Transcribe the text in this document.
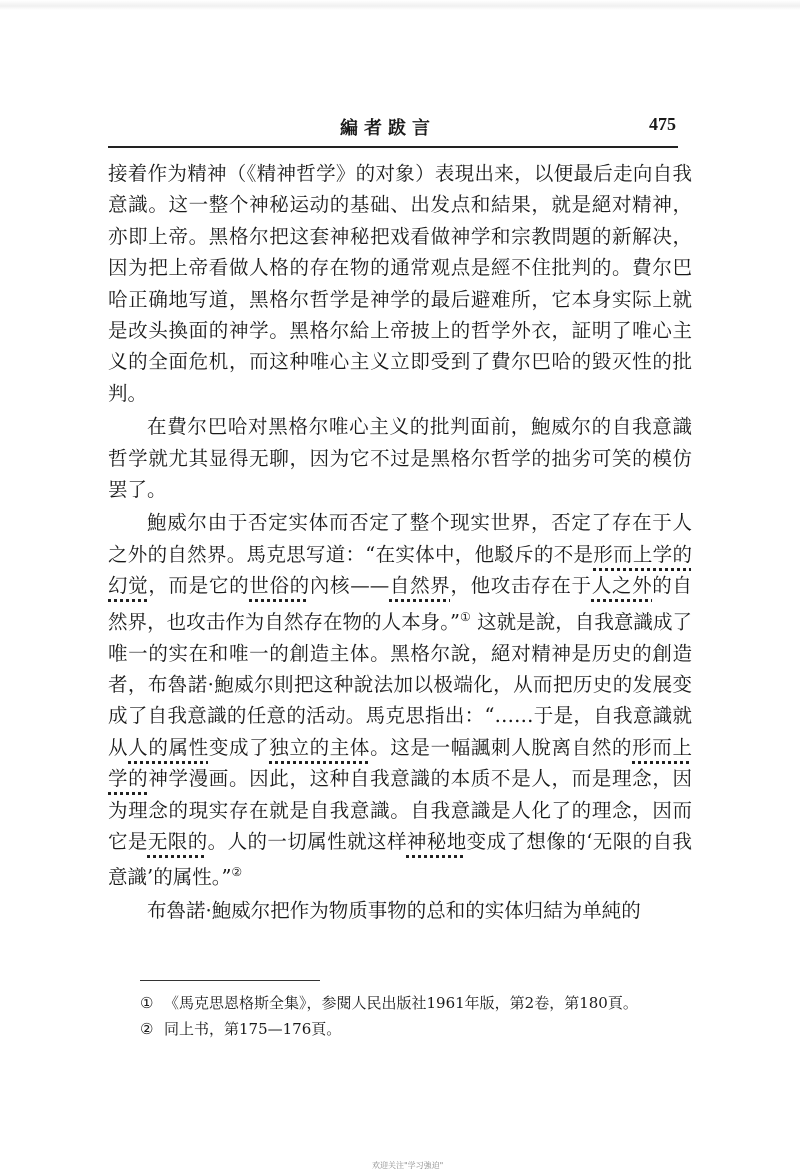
編者跋言	475

接着作为精神（《精神哲学》的对象）表現出来，以便最后走向自我意識。这一整个神秘运动的基础、出发点和結果，就是絕对精神，亦即上帝。黑格尔把这套神秘把戏看做神学和宗教問題的新解决，因为把上帝看做人格的存在物的通常观点是經不住批判的。費尔巴哈正确地写道，黑格尔哲学是神学的最后避难所，它本身实际上就是改头換面的神学。黑格尔給上帝披上的哲学外衣，証明了唯心主义的全面危机，而这种唯心主义立即受到了費尔巴哈的毀灭性的批判。

在費尔巴哈对黑格尔唯心主义的批判面前，鮑威尔的自我意識哲学就尤其显得无聊，因为它不过是黑格尔哲学的拙劣可笑的模仿罢了。

鮑威尔由于否定实体而否定了整个现实世界，否定了存在于人之外的自然界。馬克思写道：“在实体中，他駁斥的不是形而上学的幻觉，而是它的世俗的內核——自然界，他攻击存在于人之外的自然界，也攻击作为自然存在物的人本身。”① 这就是說，自我意識成了唯一的实在和唯一的創造主体。黑格尔說，絕对精神是历史的創造者，布魯諾·鮑威尔則把这种說法加以极端化，从而把历史的发展变成了自我意識的任意的活动。馬克思指出：“……于是，自我意識就从人的属性变成了独立的主体。这是一幅諷刺人脫离自然的形而上学的神学漫画。因此，这种自我意識的本质不是人，而是理念，因为理念的現实存在就是自我意識。自我意識是人化了的理念，因而它是无限的。人的一切属性就这样神秘地变成了想像的‘无限的自我意識’的属性。”②

布魯諾·鮑威尔把作为物质事物的总和的实体归結为单純的

① 《馬克思恩格斯全集》，参閱人民出版社1961年版，第2卷，第180頁。

② 同上书，第175—176頁。

欢迎关注"学习強迫"
